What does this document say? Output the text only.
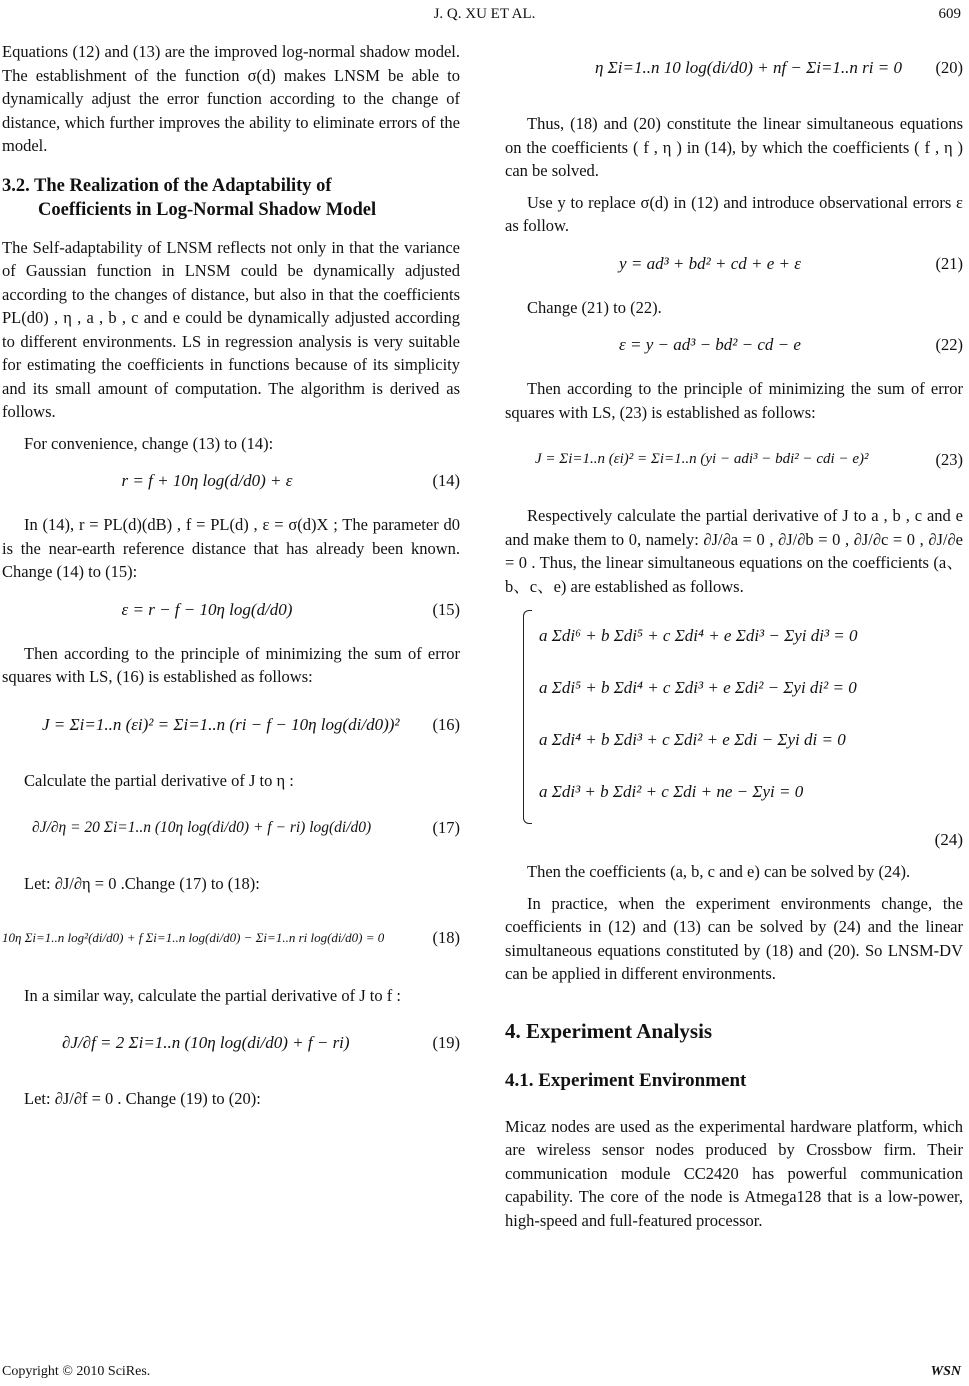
J. Q. XU ET AL.	609

Equations (12) and (13) are the improved log-normal shadow model. The establishment of the function σ(d) makes LNSM be able to dynamically adjust the error function according to the change of distance, which further improves the ability to eliminate errors of the model.

3.2. The Realization of the Adaptability of
Coefficients in Log-Normal Shadow Model

The Self-adaptability of LNSM reflects not only in that the variance of Gaussian function in LNSM could be dynamically adjusted according to the changes of distance, but also in that the coefficients PL(d0) , η , a , b , c and e could be dynamically adjusted according to different environments. LS in regression analysis is very suitable for estimating the coefficients in functions because of its simplicity and its small amount of computation. The algorithm is derived as follows.

For convenience, change (13) to (14):

r = f + 10η log(d/d0) + ε	(14)

In (14), r = PL(d)(dB) , f = PL(d) , ε = σ(d)X ; The parameter d0 is the near-earth reference distance that has already been known. Change (14) to (15):

ε = r − f − 10η log(d/d0)	(15)

Then according to the principle of minimizing the sum of error squares with LS, (16) is established as follows:

J = Σi=1..n (εi)² = Σi=1..n (ri − f − 10η log(di/d0))² (16)

Calculate the partial derivative of J to η :

∂J/∂η = 20 Σi=1..n (10η log(di/d0) + f − ri) log(di/d0)	(17)

Let: ∂J/∂η = 0 .Change (17) to (18):

10η Σi=1..n log²(di/d0) + f Σi=1..n log(di/d0) − Σi=1..n ri log(di/d0) = 0	(18)

In a similar way, calculate the partial derivative of J to f :

∂J/∂f = 2 Σi=1..n (10η log(di/d0) + f − ri)	(19)

Let: ∂J/∂f = 0 . Change (19) to (20):

η Σi=1..n 10 log(di/d0) + nf − Σi=1..n ri = 0 (20)

Thus, (18) and (20) constitute the linear simultaneous equations on the coefficients ( f , η ) in (14), by which the coefficients ( f , η ) can be solved.

Use y to replace σ(d) in (12) and introduce observational errors ε as follow.

y = ad³ + bd² + cd + e + ε	(21)

Change (21) to (22).

ε = y − ad³ − bd² − cd − e	(22)

Then according to the principle of minimizing the sum of error squares with LS, (23) is established as follows:

J = Σi=1..n (εi)² = Σi=1..n (yi − adi³ − bdi² − cdi − e)²	(23)

Respectively calculate the partial derivative of J to a , b , c and e and make them to 0, namely: ∂J/∂a = 0 , ∂J/∂b = 0 , ∂J/∂c = 0 , ∂J/∂e = 0 . Thus, the linear simultaneous equations on the coefficients (a、b、c、e) are established as follows.

a Σdi⁶ + b Σdi⁵ + c Σdi⁴ + e Σdi³ − Σyi di³ = 0
a Σdi⁵ + b Σdi⁴ + c Σdi³ + e Σdi² − Σyi di² = 0
a Σdi⁴ + b Σdi³ + c Σdi² + e Σdi − Σyi di = 0
a Σdi³ + b Σdi² + c Σdi + ne − Σyi = 0
(24)

Then the coefficients (a, b, c and e) can be solved by (24).

In practice, when the experiment environments change, the coefficients in (12) and (13) can be solved by (24) and the linear simultaneous equations constituted by (18) and (20). So LNSM-DV can be applied in different environments.

4. Experiment Analysis
4.1. Experiment Environment

Micaz nodes are used as the experimental hardware platform, which are wireless sensor nodes produced by Crossbow firm. Their communication module CC2420 has powerful communication capability. The core of the node is Atmega128 that is a low-power, high-speed and full-featured processor.

Copyright © 2010 SciRes.	WSN
